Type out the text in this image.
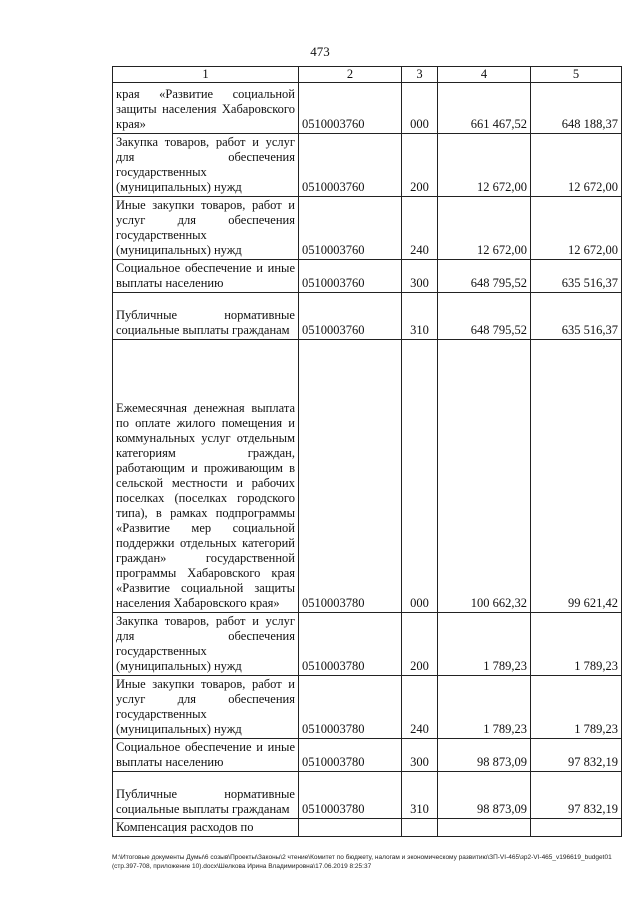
473
1	2	3	4	5
края «Развитие социальной защиты населения Хабаровского края»	0510003760	000	661 467,52	648 188,37
Закупка товаров, работ и услуг для обеспечения государственных (муниципальных) нужд	0510003760	200	12 672,00	12 672,00
Иные закупки товаров, работ и услуг для обеспечения государственных (муниципальных) нужд	0510003760	240	12 672,00	12 672,00
Социальное обеспечение и иные выплаты населению	0510003760	300	648 795,52	635 516,37
Публичные нормативные социальные выплаты гражданам	0510003760	310	648 795,52	635 516,37
Ежемесячная денежная выплата по оплате жилого помещения и коммунальных услуг отдельным категориям граждан, работающим и проживающим в сельской местности и рабочих поселках (поселках городского типа), в рамках подпрограммы «Развитие мер социальной поддержки отдельных категорий граждан» государственной программы Хабаровского края «Развитие социальной защиты населения Хабаровского края»	0510003780	000	100 662,32	99 621,42
Закупка товаров, работ и услуг для обеспечения государственных (муниципальных) нужд	0510003780	200	1 789,23	1 789,23
Иные закупки товаров, работ и услуг для обеспечения государственных (муниципальных) нужд	0510003780	240	1 789,23	1 789,23
Социальное обеспечение и иные выплаты населению	0510003780	300	98 873,09	97 832,19
Публичные нормативные социальные выплаты гражданам	0510003780	310	98 873,09	97 832,19
Компенсация расходов по				
M:\Итоговые документы Думы\6 созыв\Проекты\Законы\2 чтение\Комитет по бюджету, налогам и экономическому развитию\ЗП-VI-465\зр2-VI-465_v196619_budget01 (стр.397-708, приложение 10).docx\Шелкова Ирина Владимировна\17.06.2019 8:25:37
